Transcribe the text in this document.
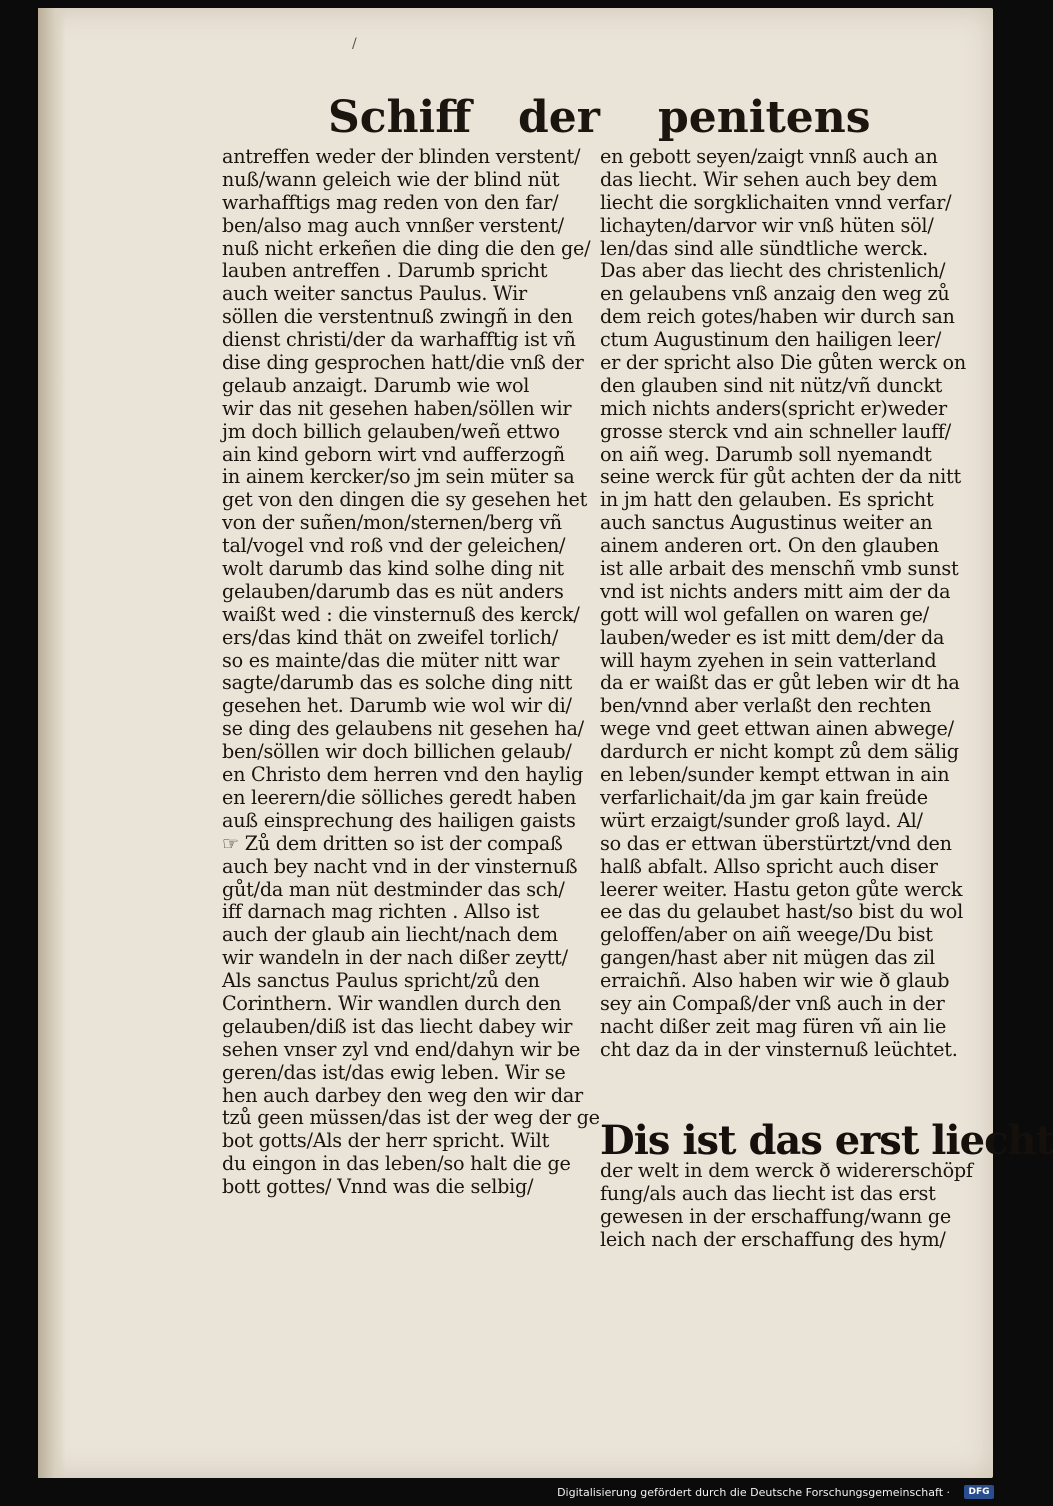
/
Schiff der penitens
antreffen weder der blinden verstent/
nuß/wann geleich wie der blind nüt
warhafftigs mag reden von den far/
ben/also mag auch vnnßer verstent/
nuß nicht erkeñen die ding die den ge/
lauben antreffen . Darumb spricht
auch weiter sanctus Paulus. Wir
söllen die verstentnuß zwingñ in den
dienst christi/der da warhafftig ist vñ
dise ding gesprochen hatt/die vnß der
gelaub anzaigt. Darumb wie wol
wir das nit gesehen haben/söllen wir
jm doch billich gelauben/weñ ettwo
ain kind geborn wirt vnd aufferzogñ
in ainem kercker/so jm sein müter sa
get von den dingen die sy gesehen het
von der suñen/mon/sternen/berg vñ
tal/vogel vnd roß vnd der geleichen/
wolt darumb das kind solhe ding nit
gelauben/darumb das es nüt anders
waißt wed : die vinsternuß des kerck/
ers/das kind thät on zweifel torlich/
so es mainte/das die müter nitt war
sagte/darumb das es solche ding nitt
gesehen het. Darumb wie wol wir di/
se ding des gelaubens nit gesehen ha/
ben/söllen wir doch billichen gelaub/
en Christo dem herren vnd den haylig
en leerern/die sölliches geredt haben
auß einsprechung des hailigen gaists
☞ Zů dem dritten so ist der compaß
auch bey nacht vnd in der vinsternuß
gůt/da man nüt destminder das sch/
iff darnach mag richten . Allso ist
auch der glaub ain liecht/nach dem
wir wandeln in der nach dißer zeytt/
Als sanctus Paulus spricht/zů den
Corinthern. Wir wandlen durch den
gelauben/diß ist das liecht dabey wir
sehen vnser zyl vnd end/dahyn wir be
geren/das ist/das ewig leben. Wir se
hen auch darbey den weg den wir dar
tzů geen müssen/das ist der weg der ge
bot gotts/Als der herr spricht. Wilt
du eingon in das leben/so halt die ge
bott gottes/ Vnnd was die selbig/
en gebott seyen/zaigt vnnß auch an
das liecht. Wir sehen auch bey dem
liecht die sorgklichaiten vnnd verfar/
lichayten/darvor wir vnß hüten söl/
len/das sind alle sündtliche werck.
Das aber das liecht des christenlich/
en gelaubens vnß anzaig den weg zů
dem reich gotes/haben wir durch san
ctum Augustinum den hailigen leer/
er der spricht also Die gůten werck on
den glauben sind nit nütz/vñ dunckt
mich nichts anders(spricht er)weder
grosse sterck vnd ain schneller lauff/
on aiñ weg. Darumb soll nyemandt
seine werck für gůt achten der da nitt
in jm hatt den gelauben. Es spricht
auch sanctus Augustinus weiter an
ainem anderen ort. On den glauben
ist alle arbait des menschñ vmb sunst
vnd ist nichts anders mitt aim der da
gott will wol gefallen on waren ge/
lauben/weder es ist mitt dem/der da
will haym zyehen in sein vatterland
da er waißt das er gůt leben wir dt ha
ben/vnnd aber verlaßt den rechten
wege vnd geet ettwan ainen abwege/
dardurch er nicht kompt zů dem sälig
en leben/sunder kempt ettwan in ain
verfarlichait/da jm gar kain freüde
würt erzaigt/sunder groß layd. Al/
so das er ettwan überstürtzt/vnd den
halß abfalt. Allso spricht auch diser
leerer weiter. Hastu geton gůte werck
ee das du gelaubet hast/so bist du wol
geloffen/aber on aiñ weege/Du bist
gangen/hast aber nit mügen das zil
erraichñ. Also haben wir wie ð glaub
sey ain Compaß/der vnß auch in der
nacht dißer zeit mag füren vñ ain lie
cht daz da in der vinsternuß leüchtet.
Dis ist das erst liecht
der welt in dem werck ð widererschöpf
fung/als auch das liecht ist das erst
gewesen in der erschaffung/wann ge
leich nach der erschaffung des hym/
Digitalisierung gefördert durch die Deutsche Forschungsgemeinschaft ·	DFG
